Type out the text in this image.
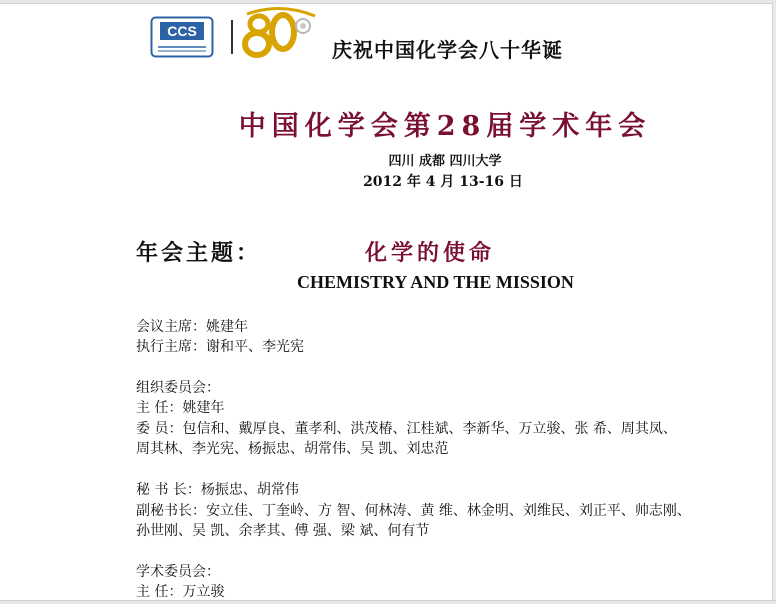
CCS
庆祝中国化学会八十华诞
中国化学会第28届学术年会
四川 成都 四川大学
2012 年 4 月 13-16 日
年会主题：	化学的使命
CHEMISTRY AND THE MISSION
会议主席：姚建年
执行主席：谢和平、李光宪
组织委员会：
主 任：姚建年
委 员：包信和、戴厚良、董孝利、洪茂椿、江桂斌、李新华、万立骏、张 希、周其凤、
周其林、李光宪、杨振忠、胡常伟、吴 凯、刘忠范
秘 书 长：杨振忠、胡常伟
副秘书长：安立佳、丁奎岭、方 智、何林涛、黄 维、林金明、刘维民、刘正平、帅志刚、
孙世刚、吴 凯、余孝其、傅 强、梁 斌、何有节
学术委员会：
主 任：万立骏
